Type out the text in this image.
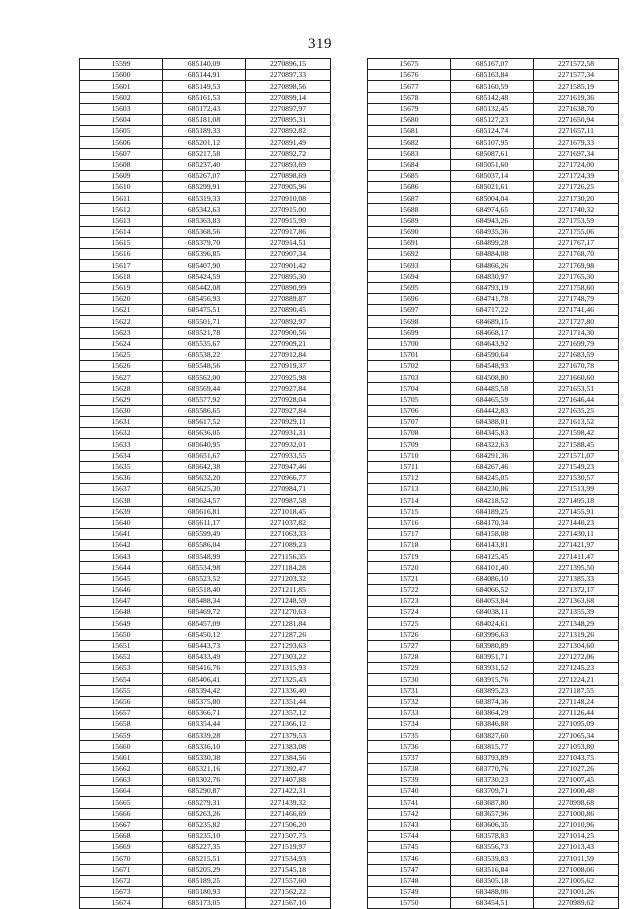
319
15599	685140,09	2270896,15
15600	685144,91	2270897,33
15601	685149,53	2270898,56
15602	685161,53	2270899,14
15603	685172,43	2270897,97
15604	685181,08	2270895,31
15605	685189,33	2270892,82
15606	685201,12	2270891,49
15607	685217,58	2270892,72
15608	685237,40	2270893,69
15609	685267,07	2270898,69
15610	685299,91	2270905,96
15611	685319,33	2270910,08
15612	685342,63	2270915,00
15613	685363,83	2270915,99
15614	685368,56	2270917,86
15615	685379,70	2270914,51
15616	685396,85	2270907,34
15617	685407,90	2270901,42
15618	685424,59	2270895,30
15619	685442,08	2270890,99
15620	685456,93	2270889,87
15621	685475,51	2270890,45
15622	685501,71	2270892,97
15623	685521,78	2270900,56
15624	685535,67	2270909,21
15625	685538,22	2270912,84
15626	685548,56	2270919,37
15627	685562,00	2270925,98
15628	685569,44	2270927,84
15629	685577,92	2270928,04
15630	685586,65	2270927,84
15631	685617,52	2270929,11
15632	685636,05	2270931,31
15633	685640,95	2270932,01
15634	685651,67	2270933,55
15635	685642,38	2270947,46
15636	685632,20	2270966,77
15637	685625,30	2270984,71
15638	685624,57	2270987,58
15639	685616,81	2271018,45
15640	685611,17	2271037,82
15641	685599,49	2271063,33
15642	685586,04	2271089,23
15643	685548,99	2271156,35
15644	685534,98	2271184,28
15645	685523,52	2271203,32
15646	685518,40	2271211,85
15647	685488,34	2271248,59
15648	685469,72	2271270,63
15649	685457,09	2271281,84
15650	685450,12	2271287,26
15651	685443,73	2271293,63
15652	685433,49	2271303,22
15653	685416,76	2271315,93
15654	685406,41	2271325,43
15655	685394,42	2271336,40
15656	685375,80	2271351,44
15657	685366,71	2271357,12
15658	685354,44	2271366,12
15659	685339,28	2271379,53
15660	685336,10	2271383,08
15661	685330,38	2271384,56
15662	685321,16	2271392,47
15663	685302,76	2271407,88
15664	685290,87	2271422,31
15665	685279,31	2271439,32
15666	685263,26	2271466,69
15667	685235,82	2271506,20
15668	685235,10	2271507,75
15669	685227,35	2271519,97
15670	685215,51	2271534,93
15671	685205,29	2271545,18
15672	685189,25	2271557,60
15673	685180,93	2271562,22
15674	685173,05	2271567,10
15675	685167,07	2271572,58
15676	685163,84	2271577,34
15677	685160,59	2271585,19
15678	685142,48	2271619,36
15679	685132,45	2271638,70
15680	685127,23	2271650,94
15681	685124,74	2271657,11
15682	685107,95	2271679,33
15683	685087,61	2271697,34
15684	685051,60	2271724,00
15685	685037,14	2271724,39
15686	685021,61	2271726,25
15687	685004,04	2271730,20
15688	684974,65	2271740,32
15689	684943,26	2271753,59
15690	684935,36	2271755,06
15691	684899,28	2271767,17
15692	684884,08	2271768,70
15693	684866,26	2271769,98
15694	684830,97	2271765,30
15695	684793,19	2271758,60
15696	684741,78	2271748,79
15697	684717,22	2271741,46
15698	684689,15	2271727,80
15699	684668,17	2271714,30
15700	684643,92	2271699,79
15701	684590,64	2271683,59
15702	684548,93	2271670,78
15703	684508,80	2271660,60
15704	684485,58	2271653,51
15705	684465,59	2271646,44
15706	684442,83	2271635,25
15707	684388,01	2271613,52
15708	684345,83	2271598,42
15709	684322,63	2271588,45
15710	684291,36	2271571,07
15711	684267,46	2271549,23
15712	684245,05	2271530,57
15713	684230,86	2271513,99
15714	684218,52	2271495,18
15715	684189,25	2271455,91
15716	684170,34	2271440,23
15717	684158,08	2271430,11
15718	684143,81	2271421,97
15719	684125,45	2271411,47
15720	684101,40	2271395,50
15721	684086,10	2271385,33
15722	684066,52	2271372,17
15723	684053,84	2271363,68
15724	684038,11	2271355,39
15725	684024,61	2271348,29
15726	683996,63	2271319,26
15727	683980,89	2271304,60
15728	683951,71	2271272,06
15729	683931,52	2271245,23
15730	683915,76	2271224,21
15731	683895,23	2271187,55
15732	683874,36	2271148,24
15733	683864,29	2271126,44
15734	683846,88	2271095,09
15735	683827,60	2271065,34
15736	683815,77	2271053,80
15737	683793,89	2271043,75
15738	683770,76	2271027,26
15739	683730,23	2271007,45
15740	683709,71	2271000,48
15741	683687,80	2270998,68
15742	683657,96	2271000,86
15743	683606,35	2271010,96
15744	683578,83	2271014,25
15745	683556,73	2271013,43
15746	683539,83	2271011,59
15747	683516,84	2271008,06
15748	683505,18	2271005,62
15749	683488,06	2271001,26
15750	683454,51	2270989,62
